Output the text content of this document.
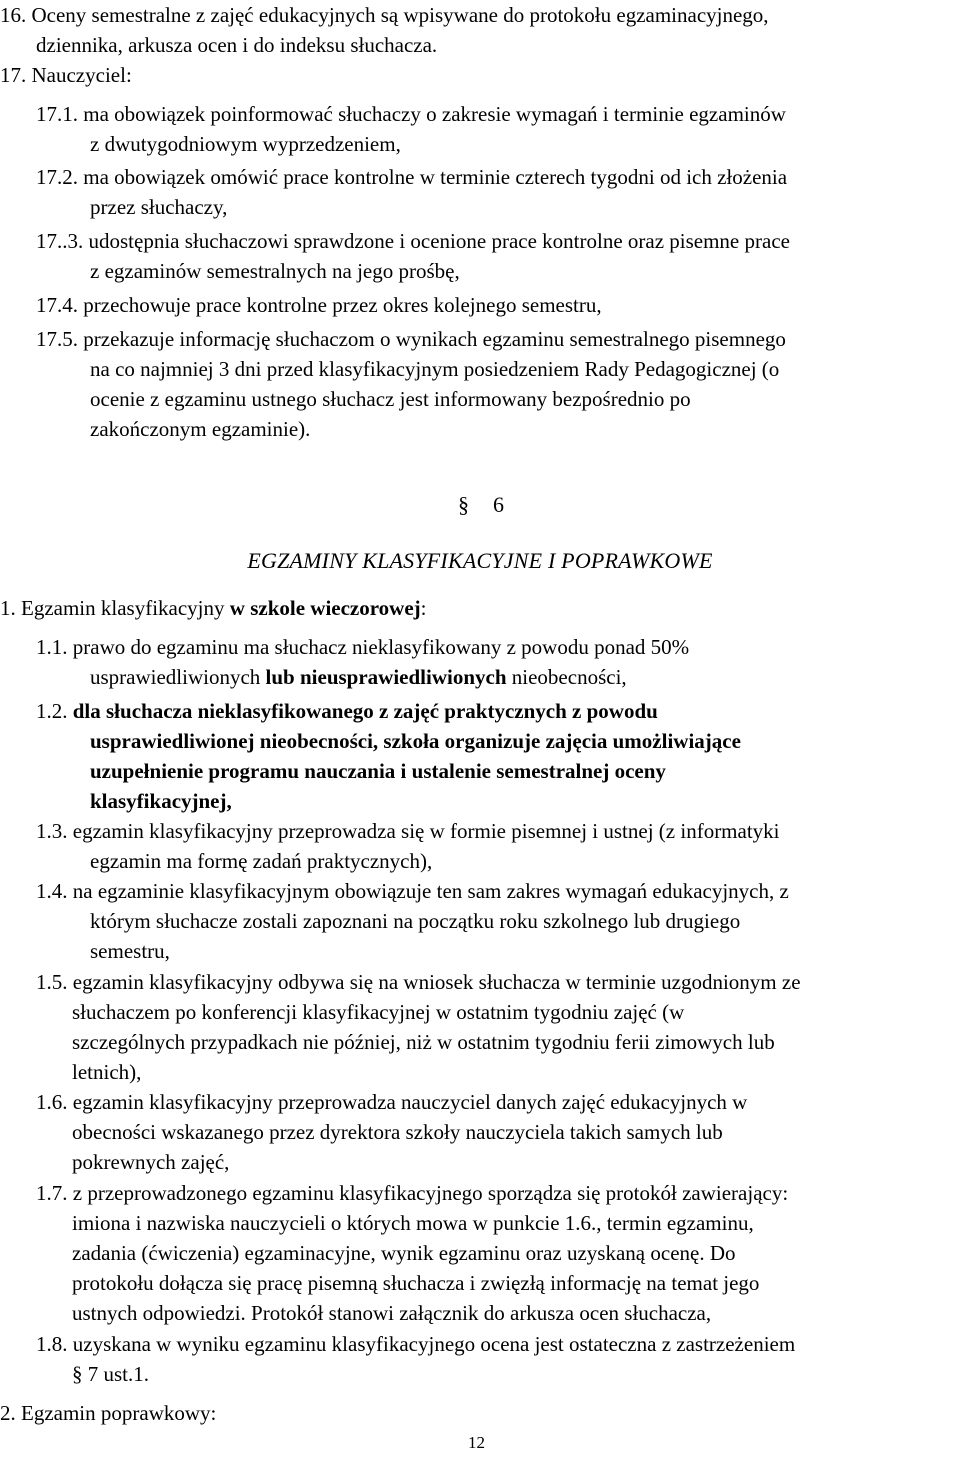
16. Oceny semestralne z zajęć edukacyjnych są wpisywane do protokołu egzaminacyjnego,
dziennika, arkusza ocen i do indeksu słuchacza.
17. Nauczyciel:
17.1. ma obowiązek poinformować słuchaczy o zakresie wymagań i terminie egzaminów
z dwutygodniowym wyprzedzeniem,
17.2. ma obowiązek omówić prace kontrolne w terminie czterech tygodni od ich złożenia
przez słuchaczy,
17..3. udostępnia słuchaczowi sprawdzone i ocenione prace kontrolne oraz pisemne prace
z egzaminów semestralnych na jego prośbę,
17.4. przechowuje prace kontrolne przez okres kolejnego semestru,
17.5. przekazuje informację słuchaczom o wynikach egzaminu semestralnego pisemnego
na co najmniej 3 dni przed klasyfikacyjnym posiedzeniem Rady Pedagogicznej (o
ocenie z egzaminu ustnego słuchacz jest informowany bezpośrednio po
zakończonym egzaminie).
§ 6
EGZAMINY KLASYFIKACYJNE I POPRAWKOWE
1. Egzamin klasyfikacyjny w szkole wieczorowej:
1.1. prawo do egzaminu ma słuchacz nieklasyfikowany z powodu ponad 50%
usprawiedliwionych lub nieusprawiedliwionych nieobecności,
1.2. dla słuchacza nieklasyfikowanego z zajęć praktycznych z powodu
usprawiedliwionej nieobecności, szkoła organizuje zajęcia umożliwiające
uzupełnienie programu nauczania i ustalenie semestralnej oceny
klasyfikacyjnej,
1.3. egzamin klasyfikacyjny przeprowadza się w formie pisemnej i ustnej (z informatyki
egzamin ma formę zadań praktycznych),
1.4. na egzaminie klasyfikacyjnym obowiązuje ten sam zakres wymagań edukacyjnych, z
którym słuchacze zostali zapoznani na początku roku szkolnego lub drugiego
semestru,
1.5. egzamin klasyfikacyjny odbywa się na wniosek słuchacza w terminie uzgodnionym ze
słuchaczem po konferencji klasyfikacyjnej w ostatnim tygodniu zajęć (w
szczególnych przypadkach nie później, niż w ostatnim tygodniu ferii zimowych lub
letnich),
1.6. egzamin klasyfikacyjny przeprowadza nauczyciel danych zajęć edukacyjnych w
obecności wskazanego przez dyrektora szkoły nauczyciela takich samych lub
pokrewnych zajęć,
1.7. z przeprowadzonego egzaminu klasyfikacyjnego sporządza się protokół zawierający:
imiona i nazwiska nauczycieli o których mowa w punkcie 1.6., termin egzaminu,
zadania (ćwiczenia) egzaminacyjne, wynik egzaminu oraz uzyskaną ocenę. Do
protokołu dołącza się pracę pisemną słuchacza i zwięzłą informację na temat jego
ustnych odpowiedzi. Protokół stanowi załącznik do arkusza ocen słuchacza,
1.8. uzyskana w wyniku egzaminu klasyfikacyjnego ocena jest ostateczna z zastrzeżeniem
§ 7 ust.1.
2. Egzamin poprawkowy:
12
